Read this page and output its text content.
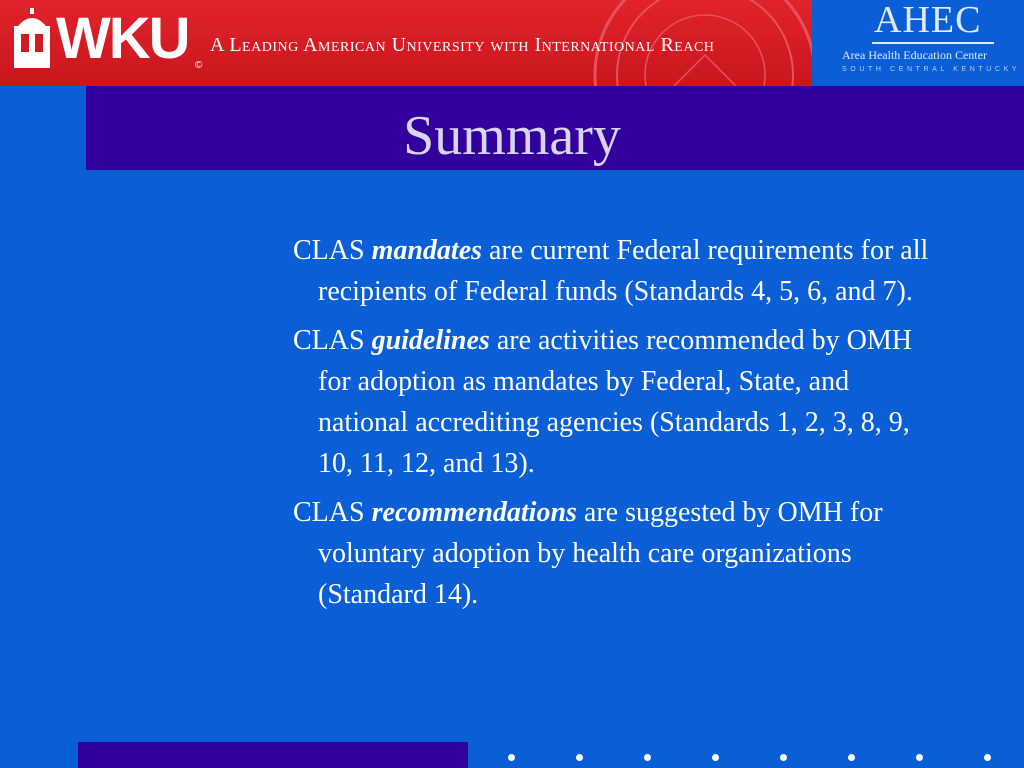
WKU ©
A Leading American University with International Reach
AHEC
Area Health Education Center
SOUTH CENTRAL KENTUCKY
Summary

CLAS mandates are current Federal requirements for all recipients of Federal funds (Standards 4, 5, 6, and 7).

CLAS guidelines are activities recommended by OMH for adoption as mandates by Federal, State, and national accrediting agencies (Standards 1, 2, 3, 8, 9, 10, 11, 12, and 13).

CLAS recommendations are suggested by OMH for voluntary adoption by health care organizations (Standard 14).
